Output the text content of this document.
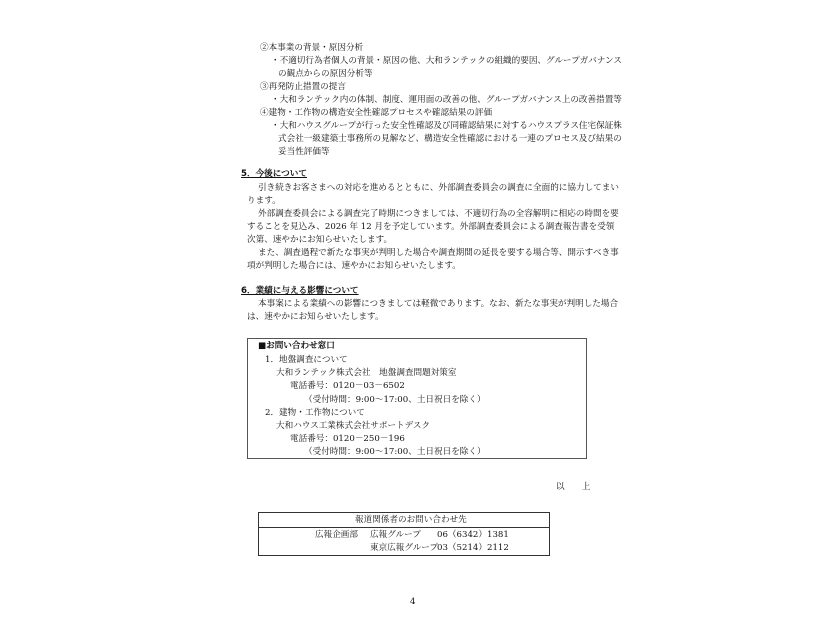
②本事業の背景・原因分析
・不適切行為者個人の背景・原因の他、大和ランテックの組織的要因、グループガバナンス
の観点からの原因分析等
③再発防止措置の提言
・大和ランテック内の体制、制度、運用面の改善の他、グループガバナンス上の改善措置等
④建物・工作物の構造安全性確認プロセスや確認結果の評価
・大和ハウスグループが行った安全性確認及び同確認結果に対するハウスプラス住宅保証株
式会社一級建築士事務所の見解など、構造安全性確認における一連のプロセス及び結果の
妥当性評価等
5．今後について
引き続きお客さまへの対応を進めるとともに、外部調査委員会の調査に全面的に協力してまい
ります。
外部調査委員会による調査完了時期につきましては、不適切行為の全容解明に相応の時間を要
することを見込み、2026 年 12 月を予定しています。外部調査委員会による調査報告書を受領
次第、速やかにお知らせいたします。
また、調査過程で新たな事実が判明した場合や調査期間の延長を要する場合等、開示すべき事
項が判明した場合には、速やかにお知らせいたします。
6．業績に与える影響について
本事案による業績への影響につきましては軽微であります。なお、新たな事実が判明した場合
は、速やかにお知らせいたします。
■お問い合わせ窓口
1．地盤調査について
大和ランテック株式会社　地盤調査問題対策室
電話番号：0120－03－6502
（受付時間：9:00～17:00、土日祝日を除く）
2．建物・工作物について
大和ハウス工業株式会社サポートデスク
電話番号：0120－250－196
（受付時間：9:00～17:00、土日祝日を除く）
以　　上
報道関係者のお問い合わせ先
広報企画部 広報グループ 06（6342）1381
東京広報グループ
03（5214）2112
4
